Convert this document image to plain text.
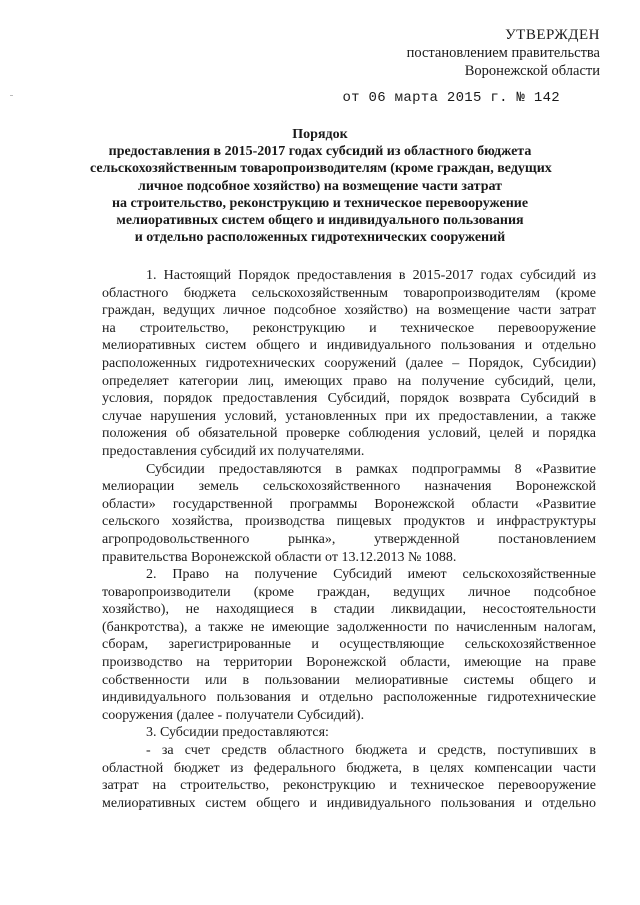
УТВЕРЖДЕН
постановлением правительства
Воронежской области
от 06 марта 2015 г. № 142
Порядок
предоставления в 2015-2017 годах субсидий из областного бюджета
сельскохозяйственным товаропроизводителям (кроме граждан, ведущих
личное подсобное хозяйство) на возмещение части затрат
на строительство, реконструкцию и техническое перевооружение
мелиоративных систем общего и индивидуального пользования
и отдельно расположенных гидротехнических сооружений
1. Настоящий Порядок предоставления в 2015-2017 годах субсидий из
областного бюджета сельскохозяйственным товаропроизводителям (кроме
граждан, ведущих личное подсобное хозяйство) на возмещение части затрат
на строительство, реконструкцию и техническое перевооружение
мелиоративных систем общего и индивидуального пользования и отдельно
расположенных гидротехнических сооружений (далее – Порядок, Субсидии)
определяет категории лиц, имеющих право на получение субсидий, цели,
условия, порядок предоставления Субсидий, порядок возврата Субсидий в
случае нарушения условий, установленных при их предоставлении, а также
положения об обязательной проверке соблюдения условий, целей и порядка
предоставления субсидий их получателями.
Субсидии предоставляются в рамках подпрограммы 8 «Развитие
мелиорации земель сельскохозяйственного назначения Воронежской
области» государственной программы Воронежской области «Развитие
сельского хозяйства, производства пищевых продуктов и инфраструктуры
агропродовольственного рынка», утвержденной постановлением
правительства Воронежской области от 13.12.2013 № 1088.
2. Право на получение Субсидий имеют сельскохозяйственные
товаропроизводители (кроме граждан, ведущих личное подсобное
хозяйство), не находящиеся в стадии ликвидации, несостоятельности
(банкротства), а также не имеющие задолженности по начисленным налогам,
сборам, зарегистрированные и осуществляющие сельскохозяйственное
производство на территории Воронежской области, имеющие на праве
собственности или в пользовании мелиоративные системы общего и
индивидуального пользования и отдельно расположенные гидротехнические
сооружения (далее - получатели Субсидий).
3. Субсидии предоставляются:
- за счет средств областного бюджета и средств, поступивших в
областной бюджет из федерального бюджета, в целях компенсации части
затрат на строительство, реконструкцию и техническое перевооружение
мелиоративных систем общего и индивидуального пользования и отдельно
